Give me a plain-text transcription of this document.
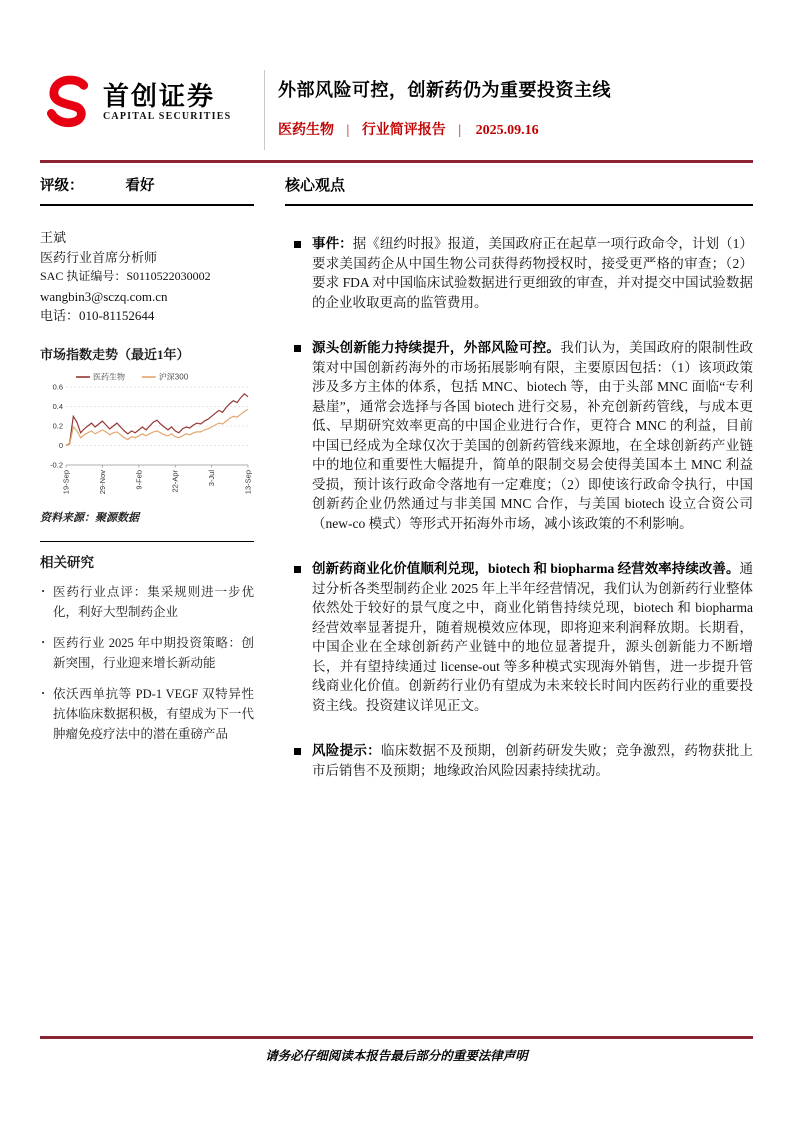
首创证券
CAPITAL SECURITIES
外部风险可控，创新药仍为重要投资主线
医药生物 | 行业简评报告 | 2025.09.16
评级：	看好
王斌
医药行业首席分析师
SAC 执证编号：S0110522030002
wangbin3@sczq.com.cn
电话：010-81152644
市场指数走势（最近1年）
-0.2
0
0.2
0.4
0.6
19-Sep	29-Nov	9-Feb	22-Apr	3-Jul	13-Sep
医药生物	沪深300
资料来源：聚源数据
相关研究
· 医药行业点评：集采规则进一步优化，利好大型制药企业
· 医药行业 2025 年中期投资策略：创新突围，行业迎来增长新动能
· 依沃西单抗等 PD-1 VEGF 双特异性抗体临床数据积极，有望成为下一代肿瘤免疫疗法中的潜在重磅产品
核心观点

事件：据《纽约时报》报道，美国政府正在起草一项行政命令，计划（1）要求美国药企从中国生物公司获得药物授权时，接受更严格的审查；（2）要求 FDA 对中国临床试验数据进行更细致的审查，并对提交中国试验数据的企业收取更高的监管费用。

源头创新能力持续提升，外部风险可控。我们认为，美国政府的限制性政策对中国创新药海外的市场拓展影响有限，主要原因包括：（1）该项政策涉及多方主体的体系，包括 MNC、biotech 等，由于头部 MNC 面临“专利悬崖”，通常会选择与各国 biotech 进行交易，补充创新药管线，与成本更低、早期研究效率更高的中国企业进行合作，更符合 MNC 的利益，目前中国已经成为全球仅次于美国的创新药管线来源地，在全球创新药产业链中的地位和重要性大幅提升，简单的限制交易会使得美国本土 MNC 利益受损，预计该行政命令落地有一定难度；（2）即使该行政命令执行，中国创新药企业仍然通过与非美国 MNC 合作，与美国 biotech 设立合资公司（new-co 模式）等形式开拓海外市场，减小该政策的不利影响。

创新药商业化价值顺利兑现，biotech 和 biopharma 经营效率持续改善。通过分析各类型制药企业 2025 年上半年经营情况，我们认为创新药行业整体依然处于较好的景气度之中，商业化销售持续兑现，biotech 和 biopharma 经营效率显著提升，随着规模效应体现，即将迎来利润释放期。长期看，中国企业在全球创新药产业链中的地位显著提升，源头创新能力不断增长，并有望持续通过 license-out 等多种模式实现海外销售，进一步提升管线商业化价值。创新药行业仍有望成为未来较长时间内医药行业的重要投资主线。投资建议详见正文。

风险提示：临床数据不及预期，创新药研发失败；竞争激烈，药物获批上市后销售不及预期；地缘政治风险因素持续扰动。

请务必仔细阅读本报告最后部分的重要法律声明
